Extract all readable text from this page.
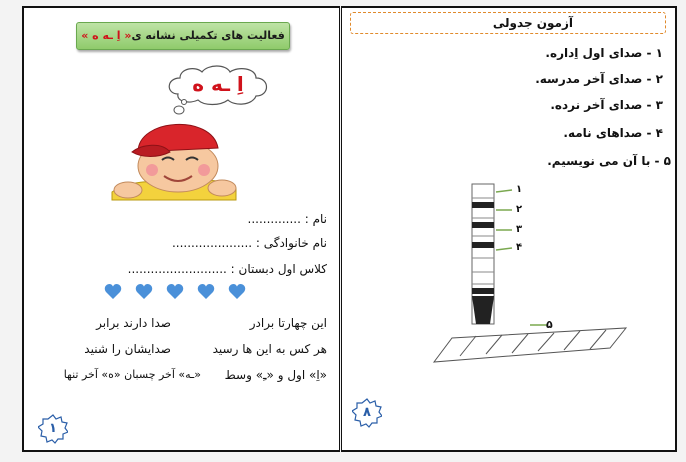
فعالیت های تکمیلی نشانه ی« اِ ـه ه »
اِ ـه ه
نام : ..............
نام خانوادگی : .....................
کلاس اول دبستان : ..........................
این چهارتا برادر
صدا دارند برابر
هر کس به این ها رسید
صدایشان را شنید
«اِ» اول و «ـِ» وسط
«ـه» آخر چسبان «ه» آخر تنها
۱
آزمون جدولی
۱ - صدای اول اِداره.
۲ - صدای آخر مدرسه.
۳ - صدای آخر نرده.
۴ - صداهای نامه.
۵ - با آن می نویسیم.
۱
۲
۳
۴
۵
۸
